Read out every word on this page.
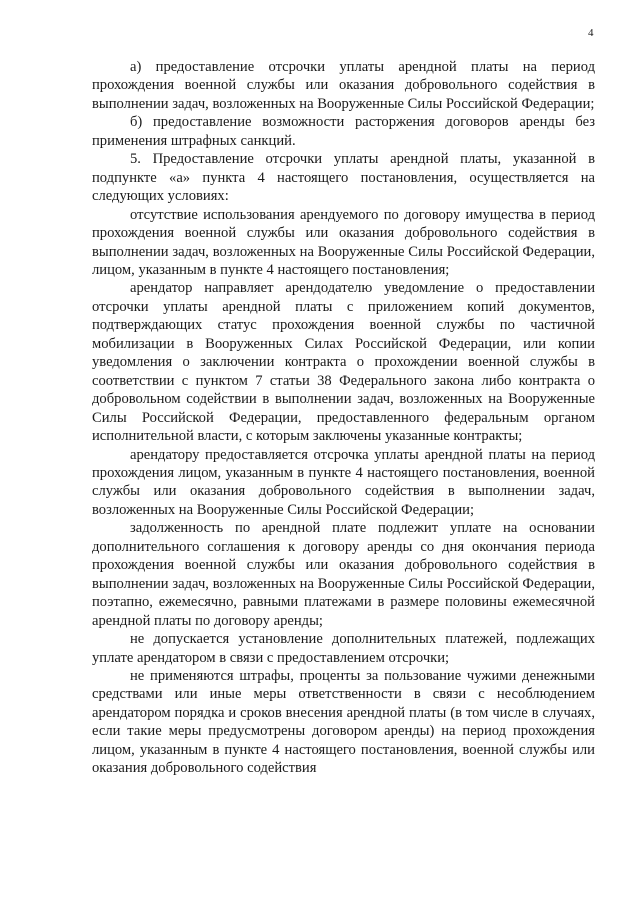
4

а) предоставление отсрочки уплаты арендной платы на период прохождения военной службы или оказания добровольного содействия в выполнении задач, возложенных на Вооруженные Силы Российской Федерации;

б) предоставление возможности расторжения договоров аренды без применения штрафных санкций.

5. Предоставление отсрочки уплаты арендной платы, указанной в подпункте «а» пункта 4 настоящего постановления, осуществляется на следующих условиях:

отсутствие использования арендуемого по договору имущества в период прохождения военной службы или оказания добровольного содействия в выполнении задач, возложенных на Вооруженные Силы Российской Федерации, лицом, указанным в пункте 4 настоящего постановления;

арендатор направляет арендодателю уведомление о предоставлении отсрочки уплаты арендной платы с приложением копий документов, подтверждающих статус прохождения военной службы по частичной мобилизации в Вооруженных Силах Российской Федерации, или копии уведомления о заключении контракта о прохождении военной службы в соответствии с пунктом 7 статьи 38 Федерального закона либо контракта о добровольном содействии в выполнении задач, возложенных на Вооруженные Силы Российской Федерации, предоставленного федеральным органом исполнительной власти, с которым заключены указанные контракты;

арендатору предоставляется отсрочка уплаты арендной платы на период прохождения лицом, указанным в пункте 4 настоящего постановления, военной службы или оказания добровольного содействия в выполнении задач, возложенных на Вооруженные Силы Российской Федерации;

задолженность по арендной плате подлежит уплате на основании дополнительного соглашения к договору аренды со дня окончания периода прохождения военной службы или оказания добровольного содействия в выполнении задач, возложенных на Вооруженные Силы Российской Федерации, поэтапно, ежемесячно, равными платежами в размере половины ежемесячной арендной платы по договору аренды;

не допускается установление дополнительных платежей, подлежащих уплате арендатором в связи с предоставлением отсрочки;

не применяются штрафы, проценты за пользование чужими денежными средствами или иные меры ответственности в связи с несоблюдением арендатором порядка и сроков внесения арендной платы (в том числе в случаях, если такие меры предусмотрены договором аренды) на период прохождения лицом, указанным в пункте 4 настоящего постановления, военной службы или оказания добровольного содействия
